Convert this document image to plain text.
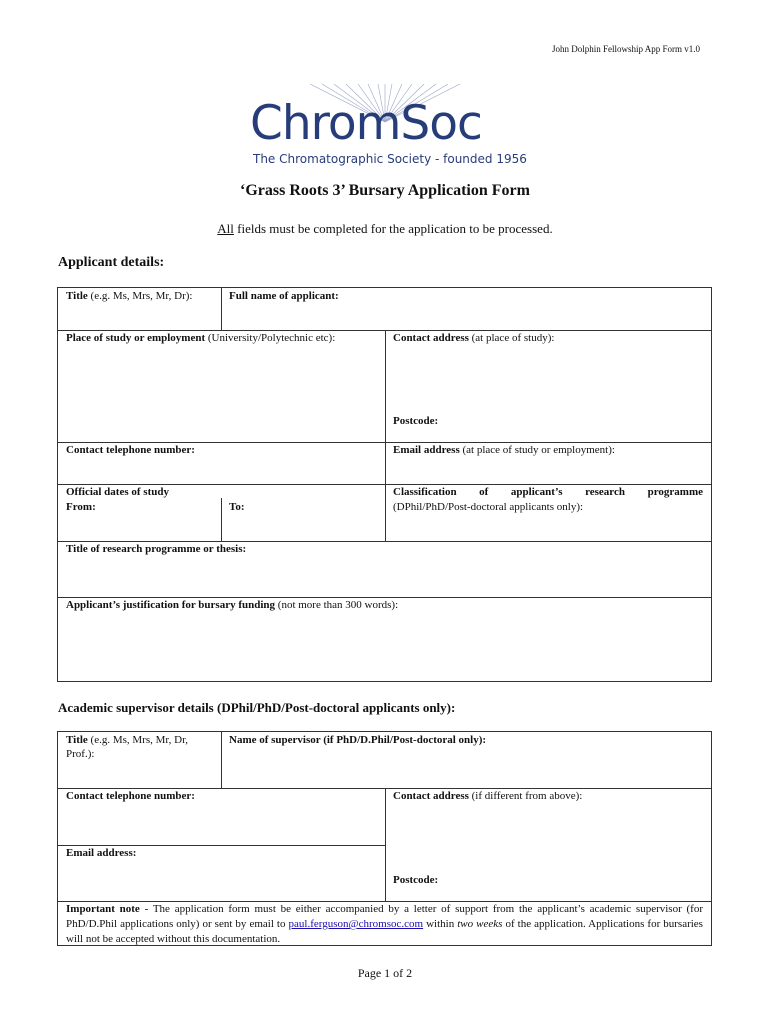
John Dolphin Fellowship App Form v1.0
ChromSoc
The Chromatographic Society - founded 1956
‘Grass Roots 3’ Bursary Application Form
All fields must be completed for the application to be processed.
Applicant details:
Title (e.g. Ms, Mrs, Mr, Dr):	Full name of applicant:
Place of study or employment (University/Polytechnic etc):	Contact address (at place of study):
Postcode:
Contact telephone number:	Email address (at place of study or employment):
Official dates of study
From:	To:
Classification of applicant’s research programme
(DPhil/PhD/Post-doctoral applicants only):
Title of research programme or thesis:
Applicant’s justification for bursary funding (not more than 300 words):
Academic supervisor details (DPhil/PhD/Post-doctoral applicants only):
Title (e.g. Ms, Mrs, Mr, Dr, Prof.):
Name of supervisor (if PhD/D.Phil/Post-doctoral only):
Contact telephone number:	Contact address (if different from above):
Email address:
Postcode:
Important note - The application form must be either accompanied by a letter of support from the applicant’s academic supervisor (for PhD/D.Phil applications only) or sent by email to paul.ferguson@chromsoc.com within two weeks of the application. Applications for bursaries will not be accepted without this documentation.
Page 1 of 2
